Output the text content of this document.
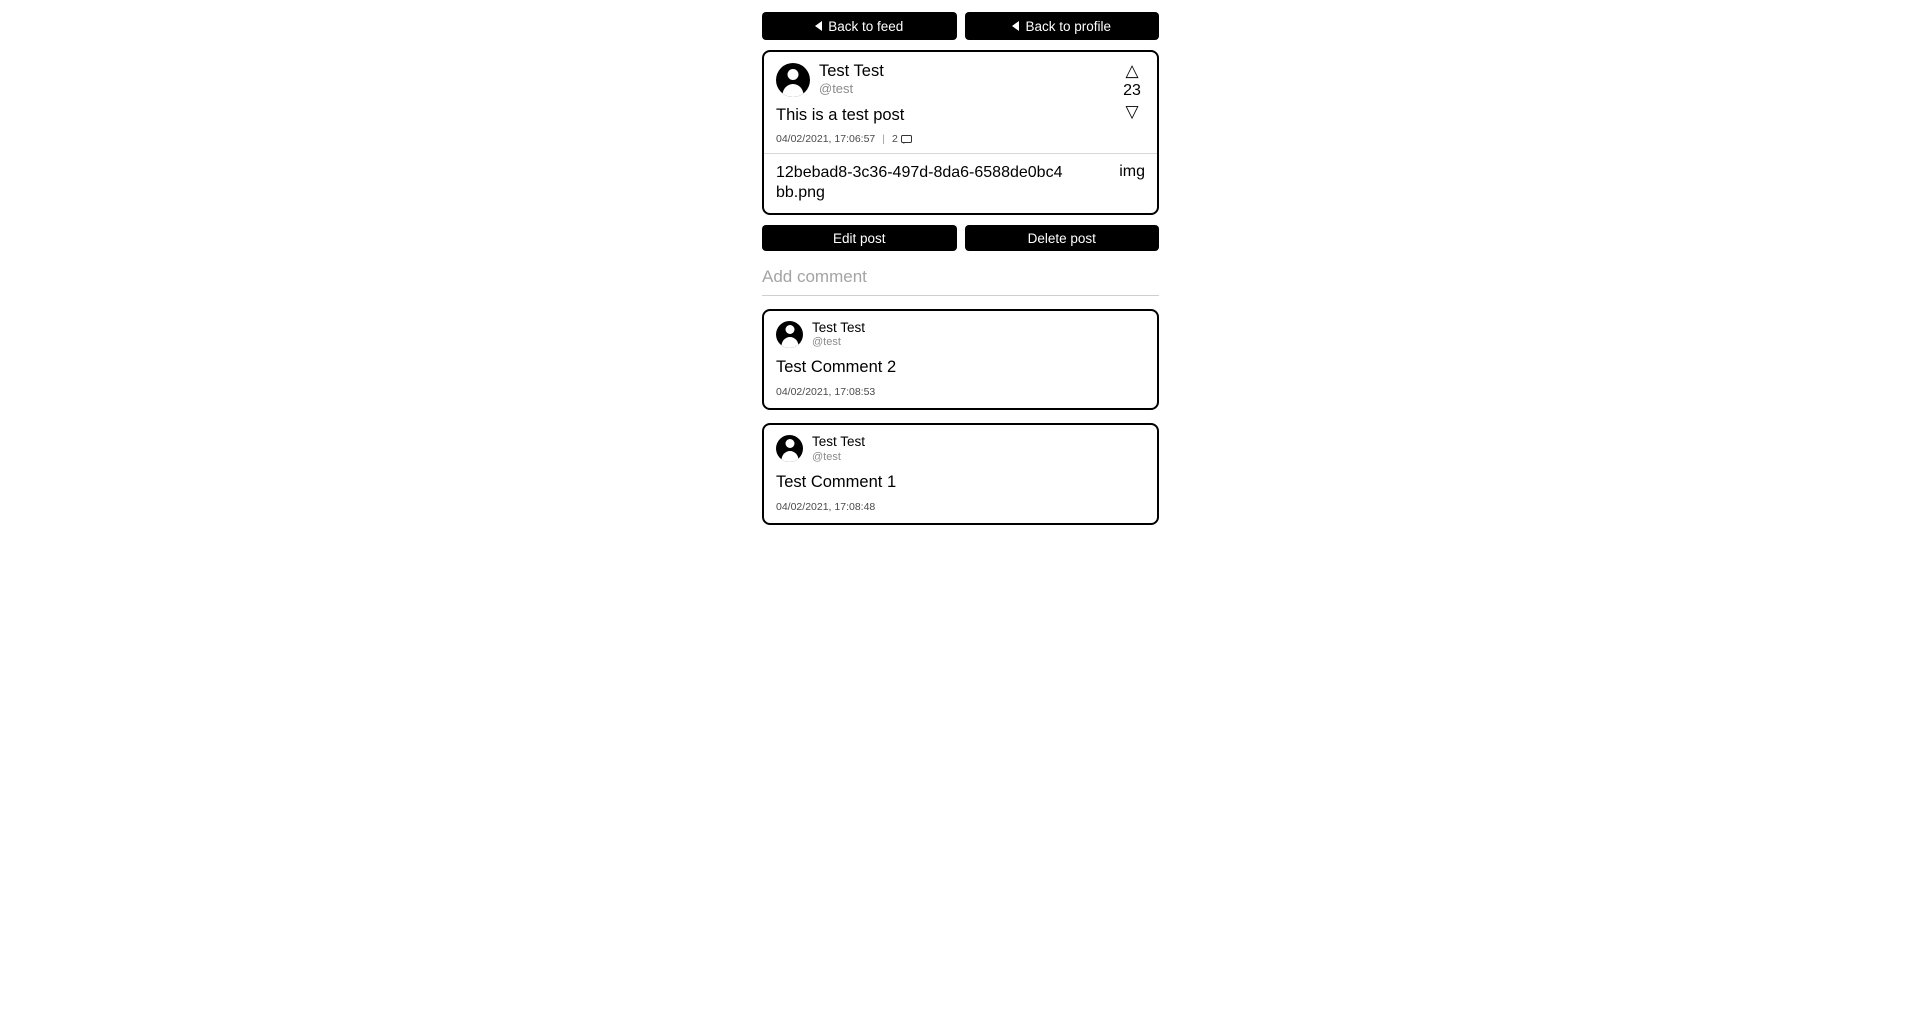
Back to feed	Back to profile
Test Test
@test
This is a test post
04/02/2021, 17:06:57 | 2
△
23
▽
12bebad8-3c36-497d-8da6-6588de0bc4bb.png
img
Edit post	Delete post
Add comment
Test Test
@test
Test Comment 2
04/02/2021, 17:08:53
Test Test
@test
Test Comment 1
04/02/2021, 17:08:48
